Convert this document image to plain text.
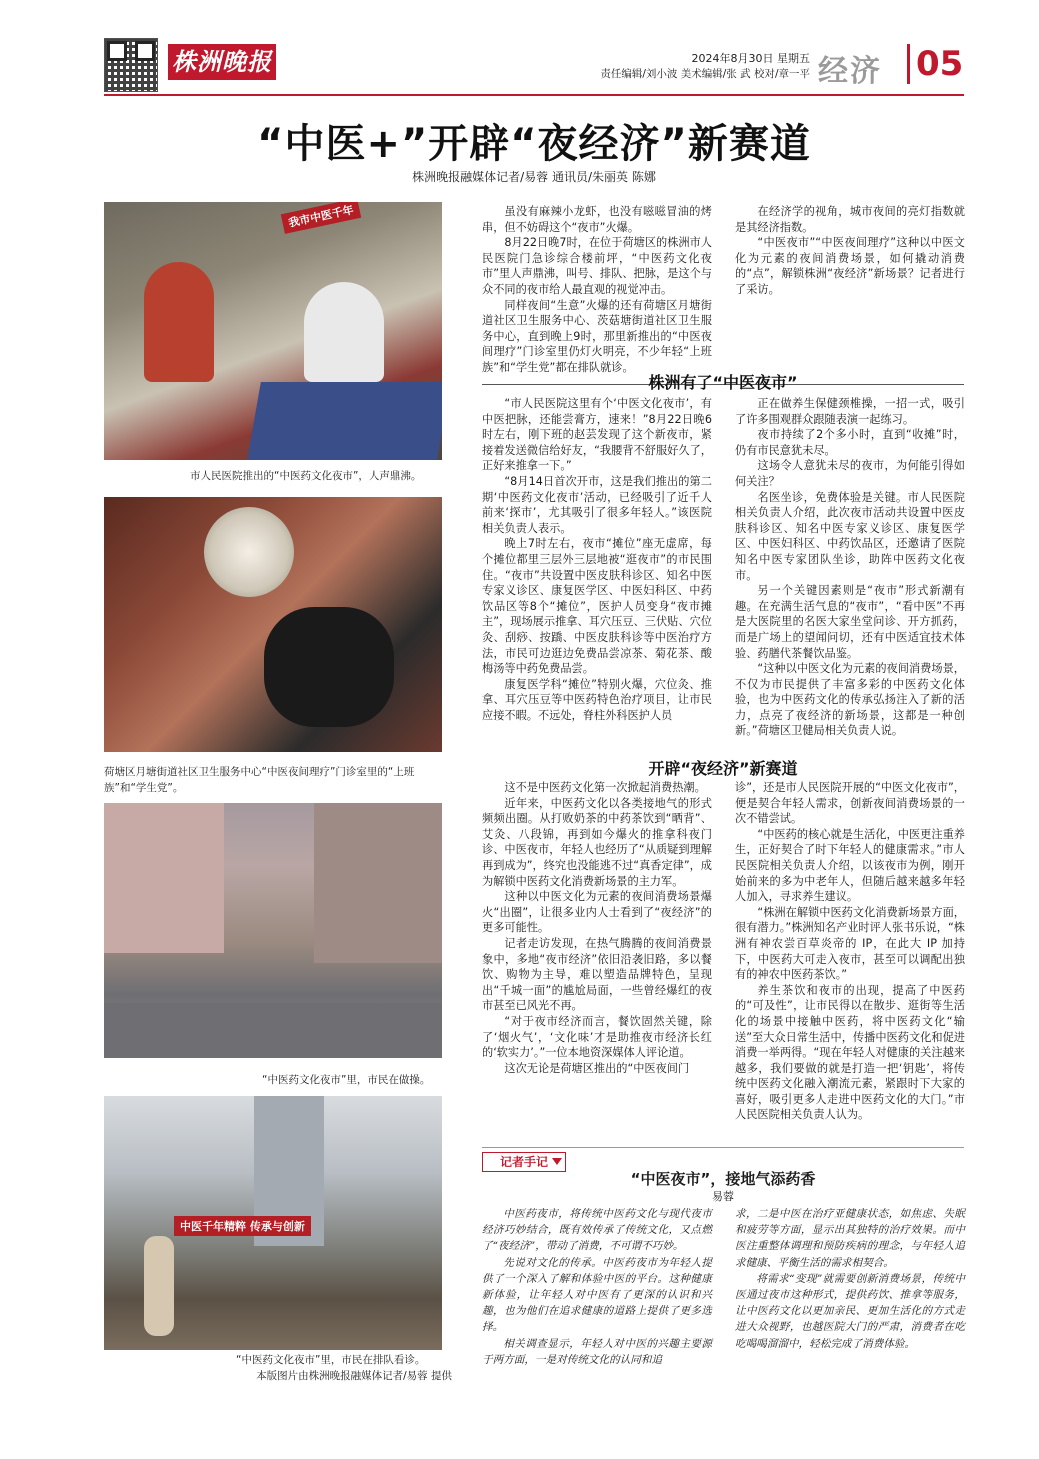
株洲晚报	2024年8月30日 星期五
责任编辑/刘小波 美术编辑/张 武 校对/章一平 经济 05
“中医+”开辟“夜经济”新赛道
株洲晚报融媒体记者/易蓉 通讯员/朱丽英 陈娜
我市中医千年
市人民医院推出的“中医药文化夜市”，人声鼎沸。
荷塘区月塘街道社区卫生服务中心“中医夜间理疗”门诊室里的“上班族”和“学生党”。
“中医药文化夜市”里，市民在做操。
中医千年精粹 传承与创新
“中医药文化夜市”里，市民在排队看诊。
本版图片由株洲晚报融媒体记者/易蓉 提供

虽没有麻辣小龙虾，也没有嗞嗞冒油的烤串，但不妨碍这个“夜市”火爆。

8月22日晚7时，在位于荷塘区的株洲市人民医院门急诊综合楼前坪，“中医药文化夜市”里人声鼎沸，叫号、排队、把脉，是这个与众不同的夜市给人最直观的视觉冲击。

同样夜间“生意”火爆的还有荷塘区月塘街道社区卫生服务中心、茨菇塘街道社区卫生服务中心，直到晚上9时，那里新推出的“中医夜间理疗”门诊室里仍灯火明亮，不少年轻“上班族”和“学生党”都在排队就诊。

在经济学的视角，城市夜间的亮灯指数就是其经济指数。

“中医夜市”“中医夜间理疗”这种以中医文化为元素的夜间消费场景，如何撬动消费的“点”，解锁株洲“夜经济”新场景？记者进行了采访。

株洲有了“中医夜市”

“市人民医院这里有个‘中医文化夜市’，有中医把脉，还能尝膏方，速来！”8月22日晚6时左右，刚下班的赵芸发现了这个新夜市，紧接着发送微信给好友，“我腰背不舒服好久了，正好来推拿一下。”

“8月14日首次开市，这是我们推出的第二期‘中医药文化夜市’活动，已经吸引了近千人前来‘探市’，尤其吸引了很多年轻人。”该医院相关负责人表示。

晚上7时左右，夜市“摊位”座无虚席，每个摊位都里三层外三层地被“逛夜市”的市民围住。“夜市”共设置中医皮肤科诊区、知名中医专家义诊区、康复医学区、中医妇科区、中药饮品区等8个“摊位”，医护人员变身“夜市摊主”，现场展示推拿、耳穴压豆、三伏贴、穴位灸、刮痧、按蹻、中医皮肤科诊等中医治疗方法，市民可边逛边免费品尝凉茶、菊花茶、酸梅汤等中药免费品尝。

康复医学科“摊位”特别火爆，穴位灸、推拿、耳穴压豆等中医药特色治疗项目，让市民应接不暇。不远处，脊柱外科医护人员

正在做养生保健颈椎操，一招一式，吸引了许多围观群众跟随表演一起练习。

夜市持续了2个多小时，直到“收摊”时，仍有市民意犹未尽。

这场令人意犹未尽的夜市，为何能引得如何关注？

名医坐诊，免费体验是关键。市人民医院相关负责人介绍，此次夜市活动共设置中医皮肤科诊区、知名中医专家义诊区、康复医学区、中医妇科区、中药饮品区，还邀请了医院知名中医专家团队坐诊，助阵中医药文化夜市。

另一个关键因素则是“夜市”形式新潮有趣。在充满生活气息的“夜市”，“看中医”不再是大医院里的名医大家坐堂问诊、开方抓药，而是广场上的望闻问切，还有中医适宜技术体验、药膳代茶餐饮品鉴。

“这种以中医文化为元素的夜间消费场景，不仅为市民提供了丰富多彩的中医药文化体验，也为中医药文化的传承弘扬注入了新的活力，点亮了夜经济的新场景，这都是一种创新。”荷塘区卫健局相关负责人说。

开辟“夜经济”新赛道

这不是中医药文化第一次掀起消费热潮。

近年来，中医药文化以各类接地气的形式频频出圈。从打败奶茶的中药茶饮到“晒背”、艾灸、八段锦，再到如今爆火的推拿科夜门诊、中医夜市，年轻人也经历了“从质疑到理解再到成为”，终究也没能逃不过“真香定律”，成为解锁中医药文化消费新场景的主力军。

这种以中医文化为元素的夜间消费场景爆火“出圈”，让很多业内人士看到了“夜经济”的更多可能性。

记者走访发现，在热气腾腾的夜间消费景象中，多地“夜市经济”依旧沿袭旧路，多以餐饮、购物为主导，难以塑造品牌特色，呈现出“千城一面”的尴尬局面，一些曾经爆红的夜市甚至已风光不再。

“对于夜市经济而言，餐饮固然关键，除了‘烟火气’，‘文化味’才是助推夜市经济长红的‘软实力’。”一位本地资深媒体人评论道。

这次无论是荷塘区推出的“中医夜间门

诊”，还是市人民医院开展的“中医文化夜市”，便是契合年轻人需求，创新夜间消费场景的一次不错尝试。

“中医药的核心就是生活化，中医更注重养生，正好契合了时下年轻人的健康需求。”市人民医院相关负责人介绍，以该夜市为例，刚开始前来的多为中老年人，但随后越来越多年轻人加入，寻求养生建议。

“株洲在解锁中医药文化消费新场景方面，很有潜力。”株洲知名产业时评人张书乐说，“株洲有神农尝百草炎帝的 IP，在此大 IP 加持下，中医药大可走入夜市，甚至可以调配出独有的神农中医药茶饮。”

养生茶饮和夜市的出现，提高了中医药的“可及性”，让市民得以在散步、逛街等生活化的场景中接触中医药，将中医药文化“输送”至大众日常生活中，传播中医药文化和促进消费一举两得。“现在年轻人对健康的关注越来越多，我们要做的就是打造一把‘钥匙’，将传统中医药文化融入潮流元素，紧跟时下大家的喜好，吸引更多人走进中医药文化的大门。”市人民医院相关负责人认为。

记者手记
“中医夜市”，接地气添药香
易蓉

中医药夜市，将传统中医药文化与现代夜市经济巧妙结合，既有效传承了传统文化，又点燃了“夜经济”，带动了消费，不可谓不巧妙。

先说对文化的传承。中医药夜市为年轻人提供了一个深入了解和体验中医的平台。这种健康新体验，让年轻人对中医有了更深的认识和兴趣，也为他们在追求健康的道路上提供了更多选择。

相关调查显示，年轻人对中医的兴趣主要源于两方面，一是对传统文化的认同和追

求，二是中医在治疗亚健康状态，如焦虑、失眠和疲劳等方面，显示出其独特的治疗效果。而中医注重整体调理和预防疾病的理念，与年轻人追求健康、平衡生活的需求相契合。

将需求“变现”就需要创新消费场景，传统中医通过夜市这种形式，提供药饮、推拿等服务，让中医药文化以更加亲民、更加生活化的方式走进大众视野，也越医院大门的严肃，消费者在吃吃喝喝溜溜中，轻松完成了消费体验。
